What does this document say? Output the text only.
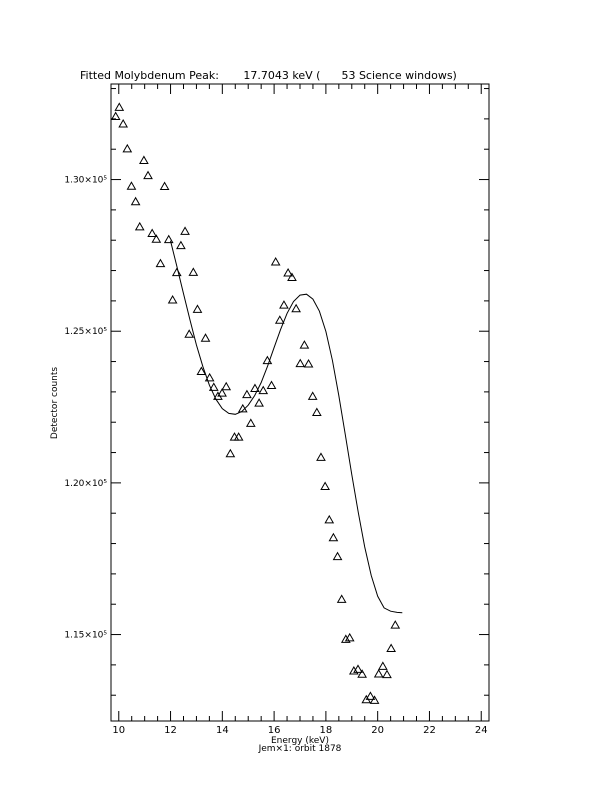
Fitted Molybdenum Peak:       17.7043 keV (      53 Science windows)
Energy (keV)
Jem×1: orbit 1878
Detector counts
10	12	14	16	18	20	22	24
1.15×10⁵
1.20×10⁵
1.25×10⁵
1.30×10⁵
